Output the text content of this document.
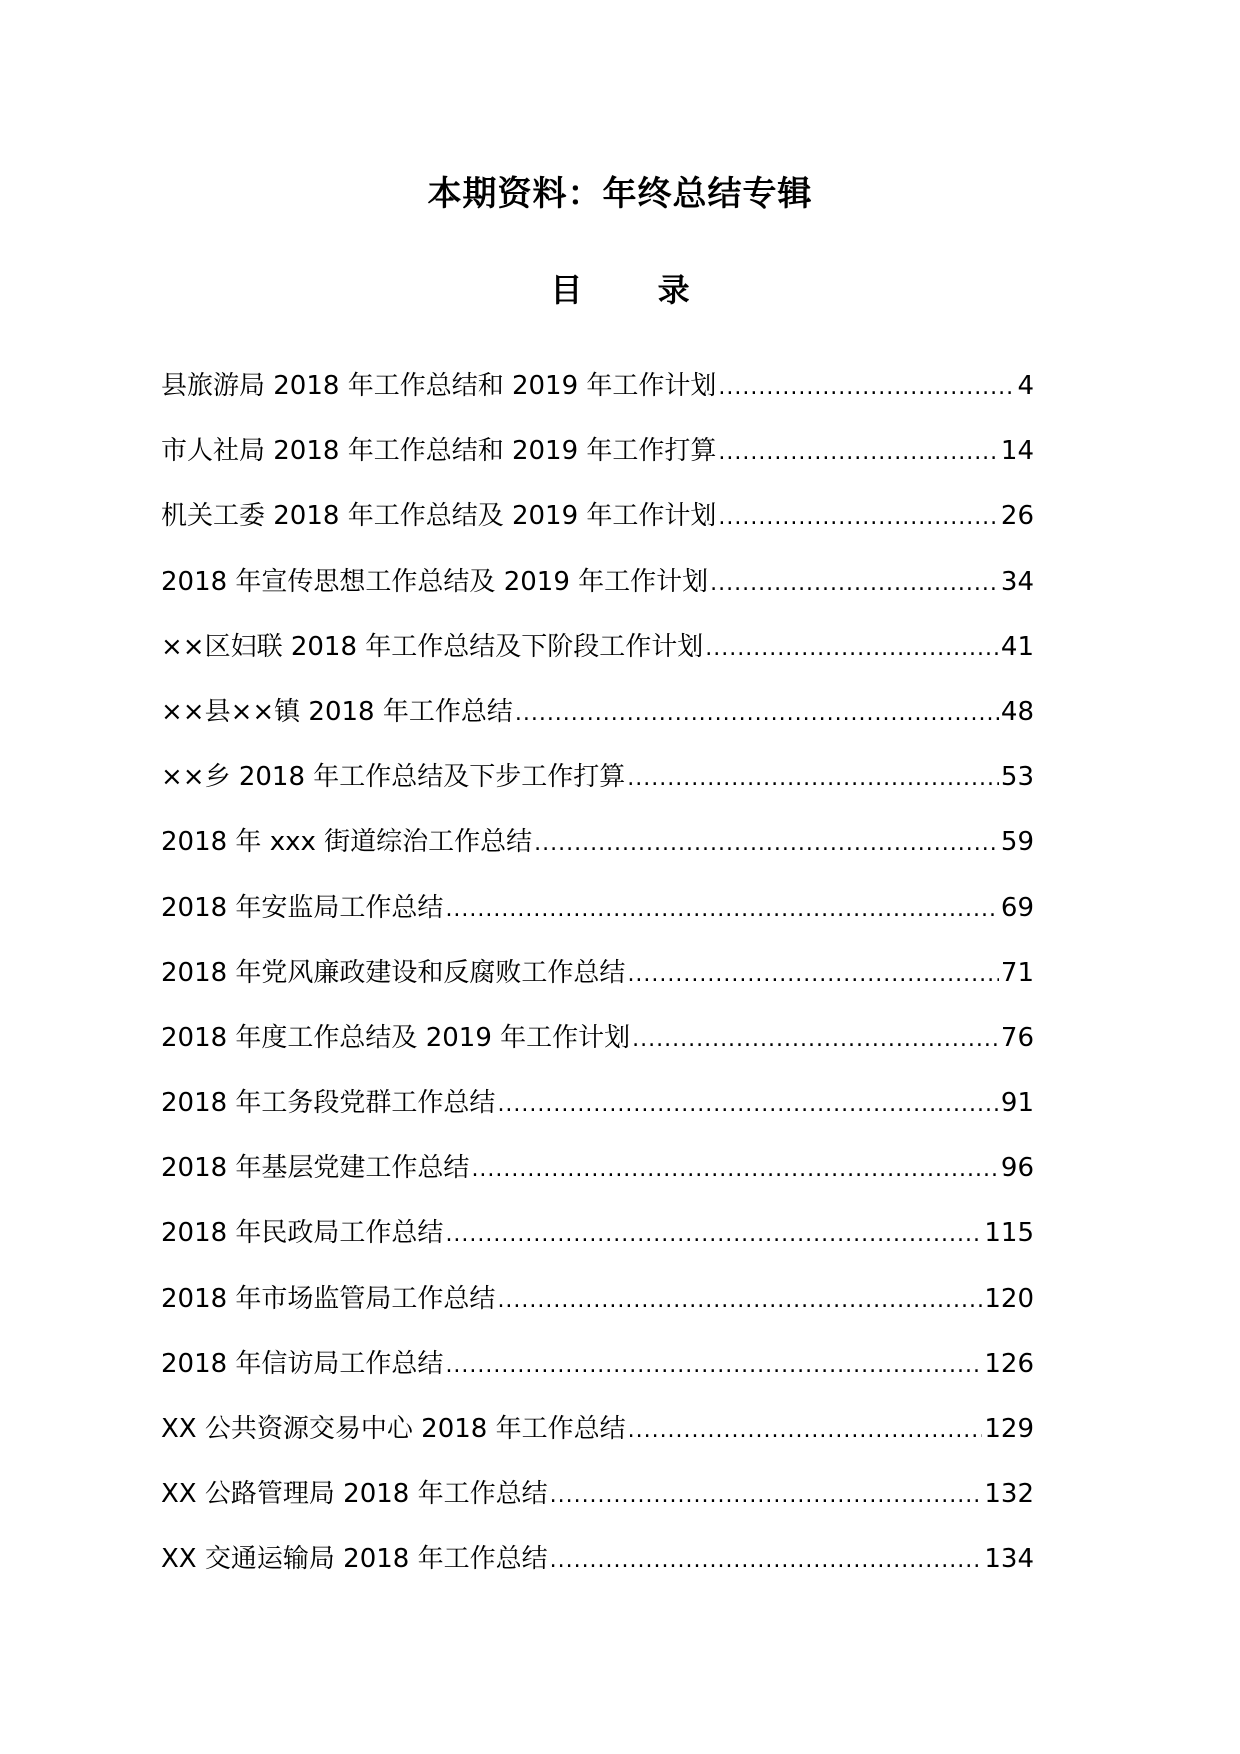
本期资料：年终总结专辑
目 录
县旅游局 2018 年工作总结和 2019 年工作计划 .....	4
市人社局 2018 年工作总结和 2019 年工作打算 .....	14
机关工委 2018 年工作总结及 2019 年工作计划 .....	26
2018 年宣传思想工作总结及 2019 年工作计划 .....	34
××区妇联 2018 年工作总结及下阶段工作计划 .....	41
××县××镇 2018 年工作总结 .....	48
××乡 2018 年工作总结及下步工作打算 .....	53
2018 年 xxx 街道综治工作总结 .....	59
2018 年安监局工作总结 .....	69
2018 年党风廉政建设和反腐败工作总结 .....	71
2018 年度工作总结及 2019 年工作计划 .....	76
2018 年工务段党群工作总结 .....	91
2018 年基层党建工作总结 .....	96
2018 年民政局工作总结 .....	115
2018 年市场监管局工作总结 .....	120
2018 年信访局工作总结 .....	126
XX 公共资源交易中心 2018 年工作总结 .....	129
XX 公路管理局 2018 年工作总结 .....	132
XX 交通运输局 2018 年工作总结 .....	134
